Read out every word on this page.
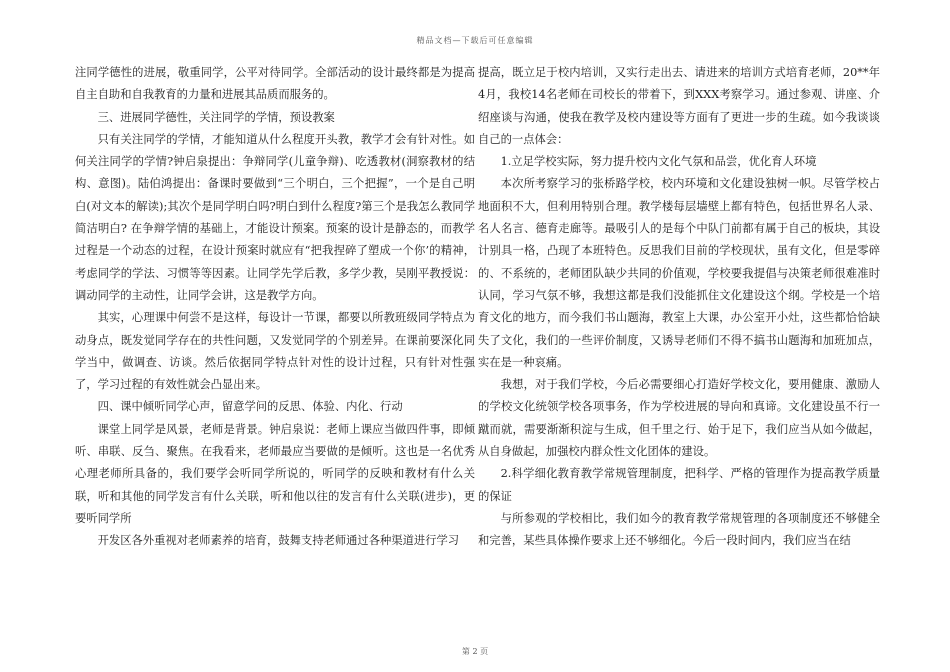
精品文档—下载后可任意编辑

注同学德性的进展，敬重同学，公平对待同学。全部活动的设计最终都是为提高自主自助和自我教育的力量和进展其品质而服务的。

三、进展同学德性，关注同学的学情，预设教案

只有关注同学的学情，才能知道从什么程度开头教，教学才会有针对性。如何关注同学的学情?钟启泉提出：争辩同学(儿童争辩)、吃透教材(洞察教材的结构、意图)。陆伯鸿提出：备课时要做到“三个明白，三个把握”，一个是自己明白(对文本的解读);其次个是同学明白吗?明白到什么程度?第三个是我怎么教同学简洁明白? 在争辩学情的基础上，才能设计预案。预案的设计是静态的，而教学过程是一个动态的过程，在设计预案时就应有“把我捏碎了塑成一个你’的精神，考虑同学的学法、习惯等等因素。让同学先学后教，多学少教，吴刚平教授说：调动同学的主动性，让同学会讲，这是教学方向。

其实，心理课中何尝不是这样，每设计一节课，都要以所教班级同学特点为动身点，既发觉同学存在的共性问题，又发觉同学的个别差异。在课前要深化同学当中，做调查、访谈。然后依据同学特点针对性的设计过程，只有针对性强了，学习过程的有效性就会凸显出来。

四、课中倾听同学心声，留意学问的反思、体验、内化、行动

课堂上同学是风景，老师是背景。钟启泉说：老师上课应当做四件事，即倾听、串联、反刍、聚焦。在我看来，老师最应当要做的是倾听。这也是一名优秀心理老师所具备的，我们要学会听同学所说的，听同学的反映和教材有什么关联，听和其他的同学发言有什么关联，听和他以往的发言有什么关联(进步)，更要听同学所

开发区各外重视对老师素养的培育，鼓舞支持老师通过各种渠道进行学习

提高，既立足于校内培训，又实行走出去、请进来的培训方式培育老师，20**年4月，我校14名老师在司校长的带着下，到XXX考察学习。通过参观、讲座、介绍座谈与沟通，使我在教学及校内建设等方面有了更进一步的生疏。如今我谈谈自己的一点体会：

1.立足学校实际，努力提升校内文化气氛和品尝，优化育人环境

本次所考察学习的张桥路学校，校内环境和文化建设独树一帜。尽管学校占地面积不大，但利用特别合理。教学楼每层墙壁上都有特色，包括世界名人录、名人名言、德育走廊等。最吸引人的是每个中队门前都有属于自己的板块，其设计别具一格，凸现了本班特色。反思我们目前的学校现状，虽有文化，但是零碎的、不系统的，老师团队缺少共同的价值观，学校要我提倡与决策老师很难准时认同，学习气氛不够，我想这都是我们没能抓住文化建设这个纲。学校是一个培育文化的地方，而今我们书山题海，教室上大课，办公室开小灶，这些都恰恰缺失了文化，我们的一些评价制度，又诱导老师们不得不搞书山题海和加班加点，实在是一种哀痛。

我想，对于我们学校，今后必需要细心打造好学校文化，要用健康、激励人的学校文化统领学校各项事务，作为学校进展的导向和真谛。文化建设虽不行一蹴而就，需要渐渐积淀与生成，但千里之行、始于足下，我们应当从如今做起，从自身做起，加强校内群众性文化团体的建设。

2.科学细化教育教学常规管理制度，把科学、严格的管理作为提高教学质量的保证

与所参观的学校相比，我们如今的教育教学常规管理的各项制度还不够健全和完善，某些具体操作要求上还不够细化。今后一段时间内，我们应当在结

第 2 页
